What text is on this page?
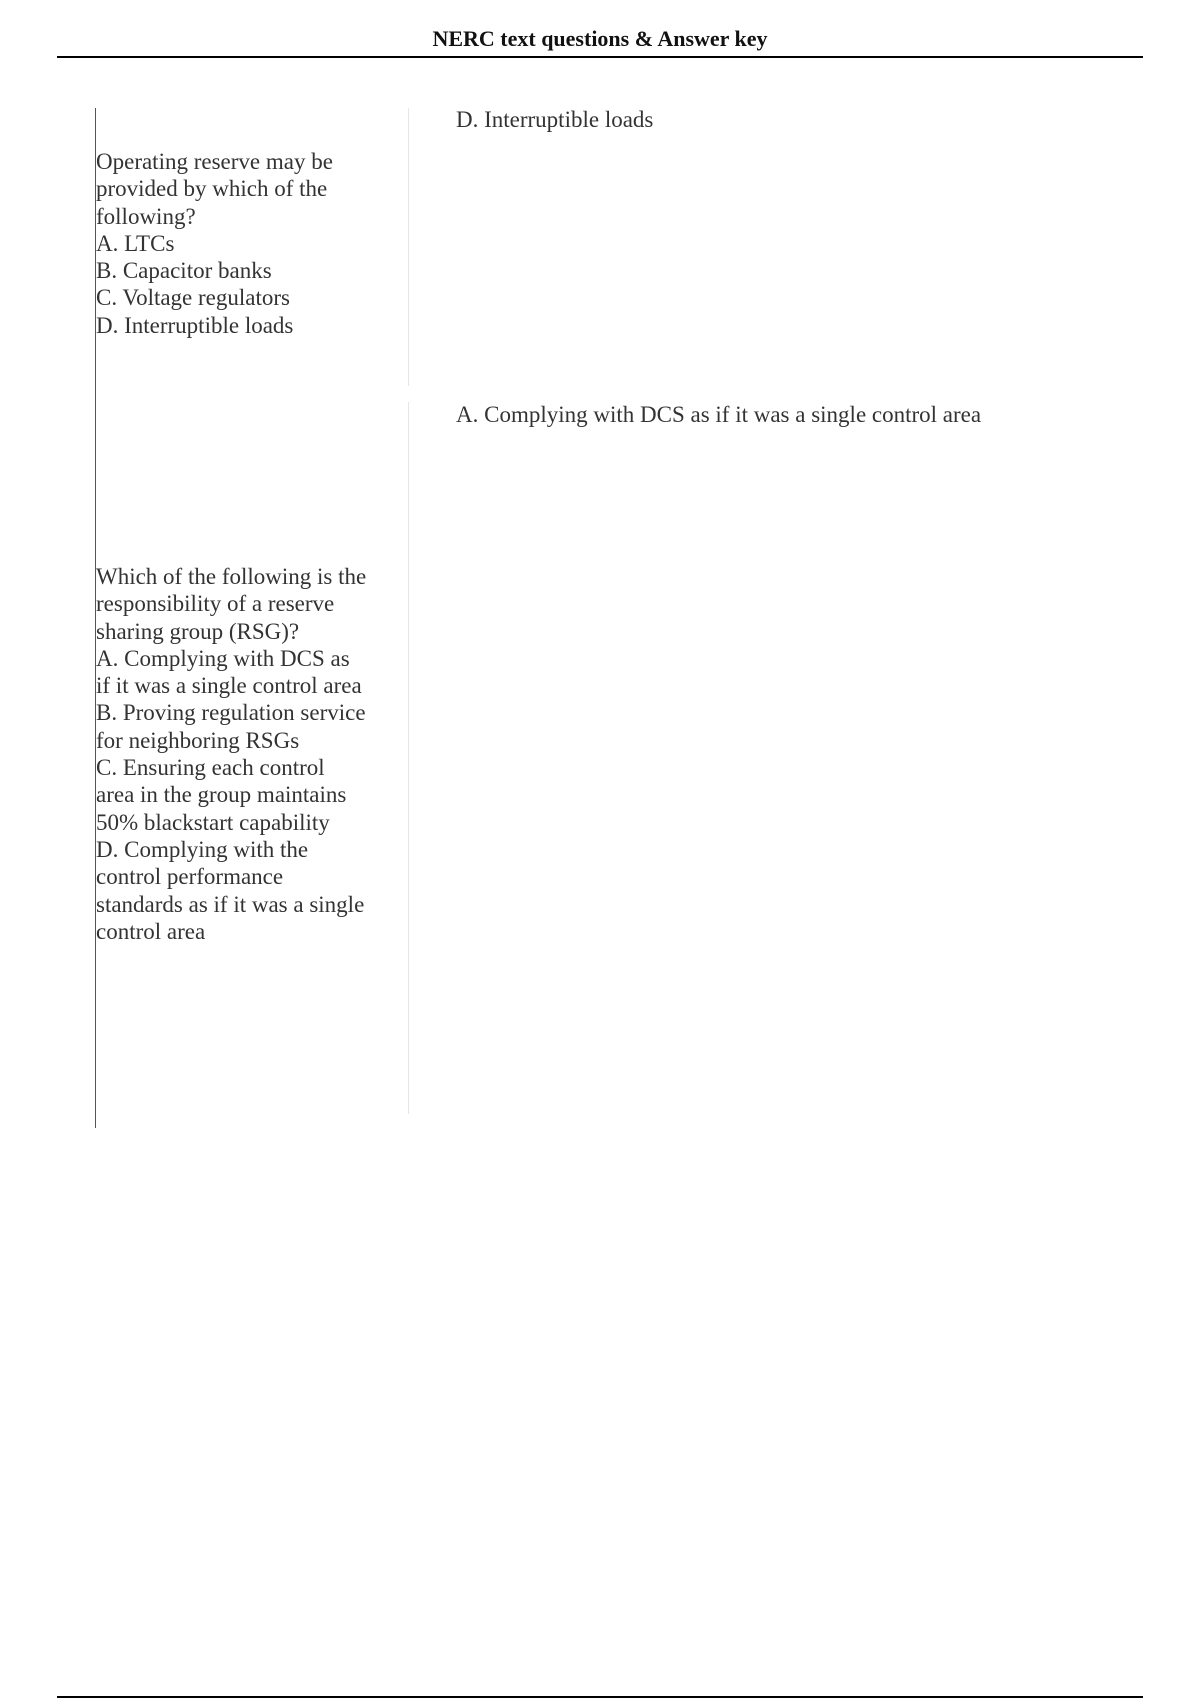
NERC text questions & Answer key
Operating reserve may be
provided by which of the
following?
A. LTCs
B. Capacitor banks
C. Voltage regulators
D. Interruptible loads
D. Interruptible loads
Which of the following is the
responsibility of a reserve
sharing group (RSG)?
A. Complying with DCS as
if it was a single control area
B. Proving regulation service
for neighboring RSGs
C. Ensuring each control
area in the group maintains
50% blackstart capability
D. Complying with the
control performance
standards as if it was a single
control area
A. Complying with DCS as if it was a single control area
